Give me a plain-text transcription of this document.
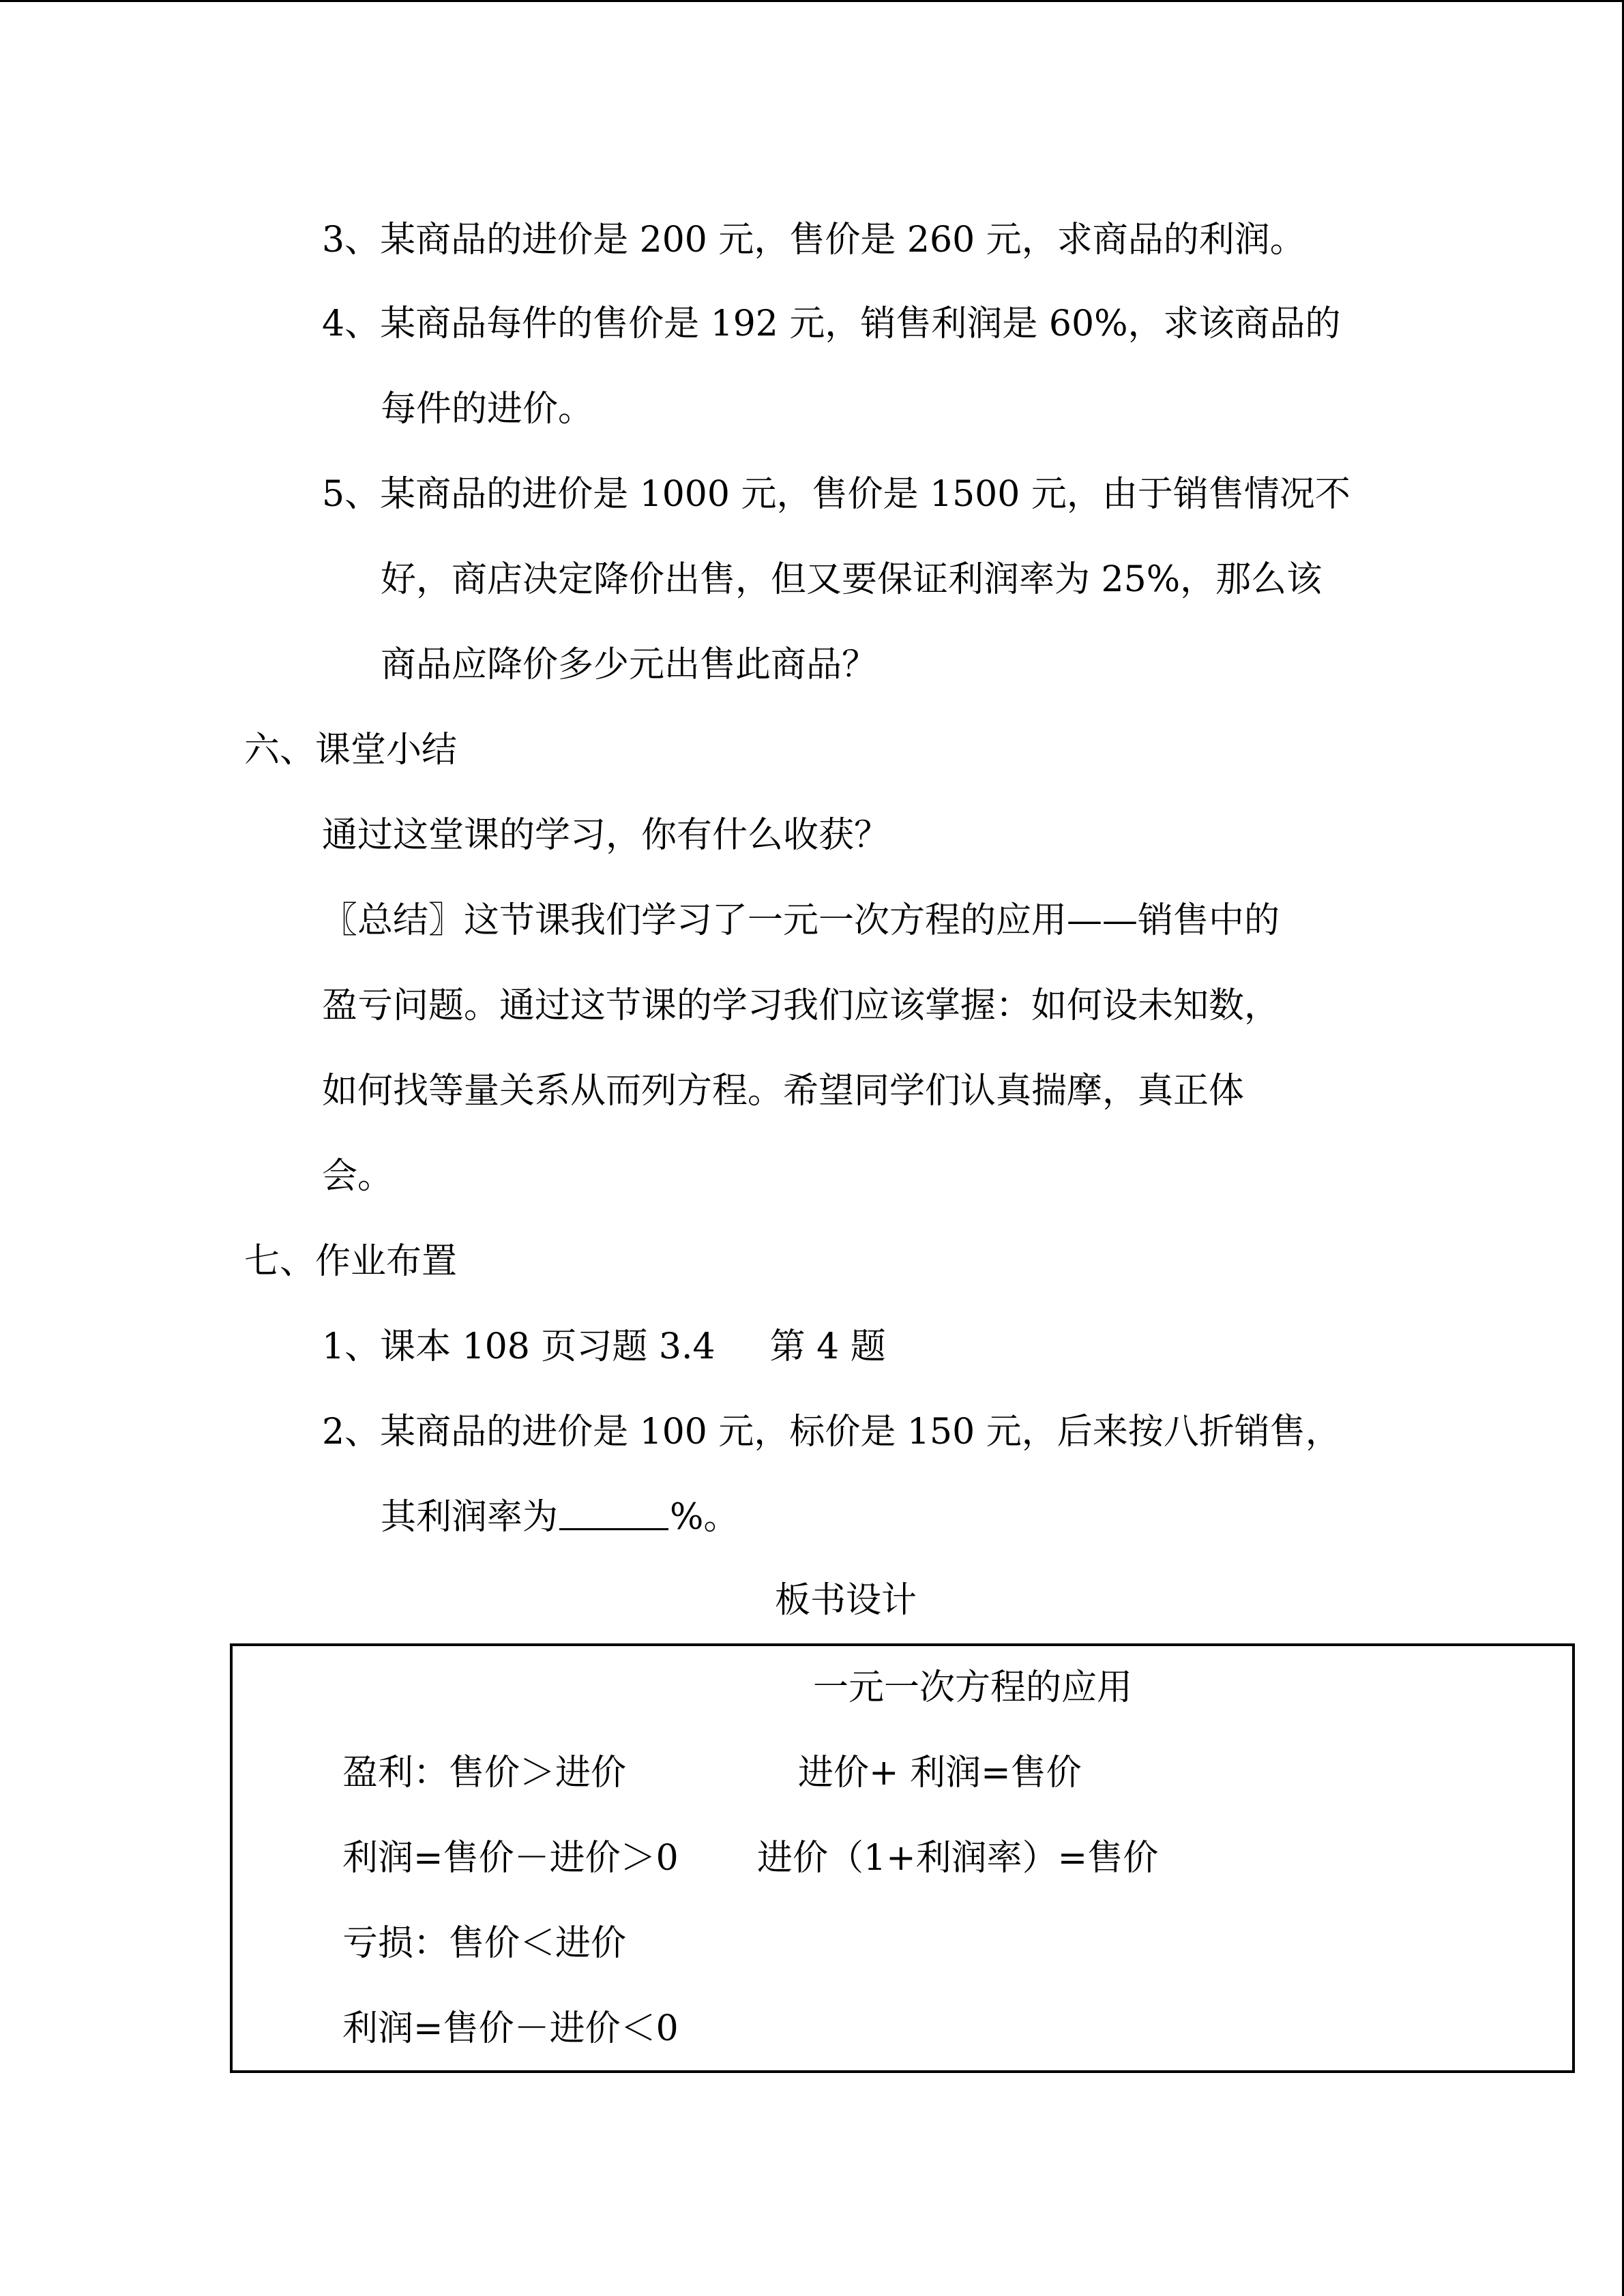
3、某商品的进价是 200 元，售价是 260 元，求商品的利润。
4、某商品每件的售价是 192 元，销售利润是 60%，求该商品的
每件的进价。
5、某商品的进价是 1000 元，售价是 1500 元，由于销售情况不
好，商店决定降价出售，但又要保证利润率为 25%，那么该
商品应降价多少元出售此商品？
六、课堂小结
通过这堂课的学习，你有什么收获？
〖总结〗这节课我们学习了一元一次方程的应用——销售中的
盈亏问题。通过这节课的学习我们应该掌握：如何设未知数，
如何找等量关系从而列方程。希望同学们认真揣摩，真正体
会。
七、作业布置
1、课本 108 页习题 3.4 第 4 题
2、某商品的进价是 100 元，标价是 150 元，后来按八折销售，
其利润率为	%。
板书设计
一元一次方程的应用
盈利：售价＞进价	进价+ 利润=售价
利润=售价－进价＞0 进价（1+利润率）=售价
亏损：售价＜进价
利润=售价－进价＜0
